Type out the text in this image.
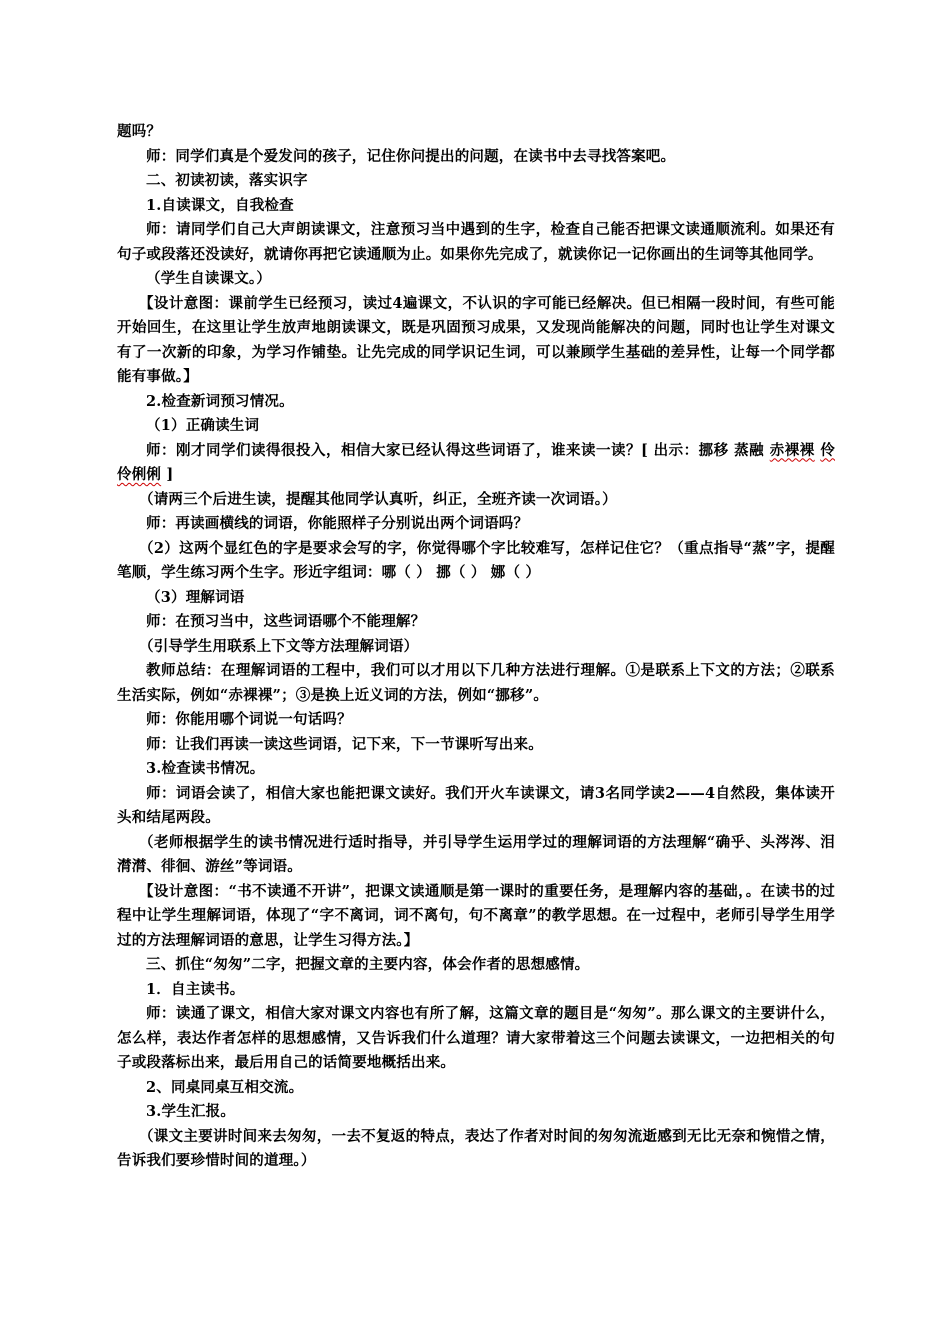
题吗？

师：同学们真是个爱发问的孩子，记住你问提出的问题，在读书中去寻找答案吧。

二、初读初读，落实识字

1.自读课文，自我检查

师：请同学们自己大声朗读课文，注意预习当中遇到的生字，检查自己能否把课文读通顺流利。如果还有句子或段落还没读好，就请你再把它读通顺为止。如果你先完成了，就读你记一记你画出的生词等其他同学。

（学生自读课文。）

【设计意图：课前学生已经预习，读过4遍课文，不认识的字可能已经解决。但已相隔一段时间，有些可能开始回生，在这里让学生放声地朗读课文，既是巩固预习成果，又发现尚能解决的问题，同时也让学生对课文有了一次新的印象，为学习作铺垫。让先完成的同学识记生词，可以兼顾学生基础的差异性，让每一个同学都能有事做。】

2.检查新词预习情况。

（1）正确读生词

师：刚才同学们读得很投入，相信大家已经认得这些词语了，谁来读一读？[ 出示：挪移 蒸融 赤裸裸 伶伶俐俐 ]

（请两三个后进生读，提醒其他同学认真听，纠正，全班齐读一次词语。）

师：再读画横线的词语，你能照样子分别说出两个词语吗？

（2）这两个显红色的字是要求会写的字，你觉得哪个字比较难写，怎样记住它？（重点指导“蒸”字，提醒笔顺，学生练习两个生字。形近字组词：哪（ ） 挪（ ） 娜（ ）

（3）理解词语

师：在预习当中，这些词语哪个不能理解？

（引导学生用联系上下文等方法理解词语）

教师总结：在理解词语的工程中，我们可以才用以下几种方法进行理解。①是联系上下文的方法；②联系生活实际，例如“赤裸裸”；③是换上近义词的方法，例如“挪移”。

师：你能用哪个词说一句话吗？

师：让我们再读一读这些词语，记下来，下一节课听写出来。

3.检查读书情况。

师：词语会读了，相信大家也能把课文读好。我们开火车读课文，请3名同学读2——4自然段，集体读开头和结尾两段。

（老师根据学生的读书情况进行适时指导，并引导学生运用学过的理解词语的方法理解“确乎、头涔涔、泪潸潸、徘徊、游丝”等词语。

【设计意图：“书不读通不开讲”，把课文读通顺是第一课时的重要任务，是理解内容的基础，。在读书的过程中让学生理解词语，体现了“字不离词，词不离句，句不离章”的教学思想。在一过程中，老师引导学生用学过的方法理解词语的意思，让学生习得方法。】

三、抓住“匆匆”二字，把握文章的主要内容，体会作者的思想感情。

1．自主读书。

师：读通了课文，相信大家对课文内容也有所了解，这篇文章的题目是“匆匆”。那么课文的主要讲什么，怎么样，表达作者怎样的思想感情，又告诉我们什么道理？请大家带着这三个问题去读课文，一边把相关的句子或段落标出来，最后用自己的话简要地概括出来。

2、同桌同桌互相交流。

3.学生汇报。

（课文主要讲时间来去匆匆，一去不复返的特点，表达了作者对时间的匆匆流逝感到无比无奈和惋惜之情，告诉我们要珍惜时间的道理。）
